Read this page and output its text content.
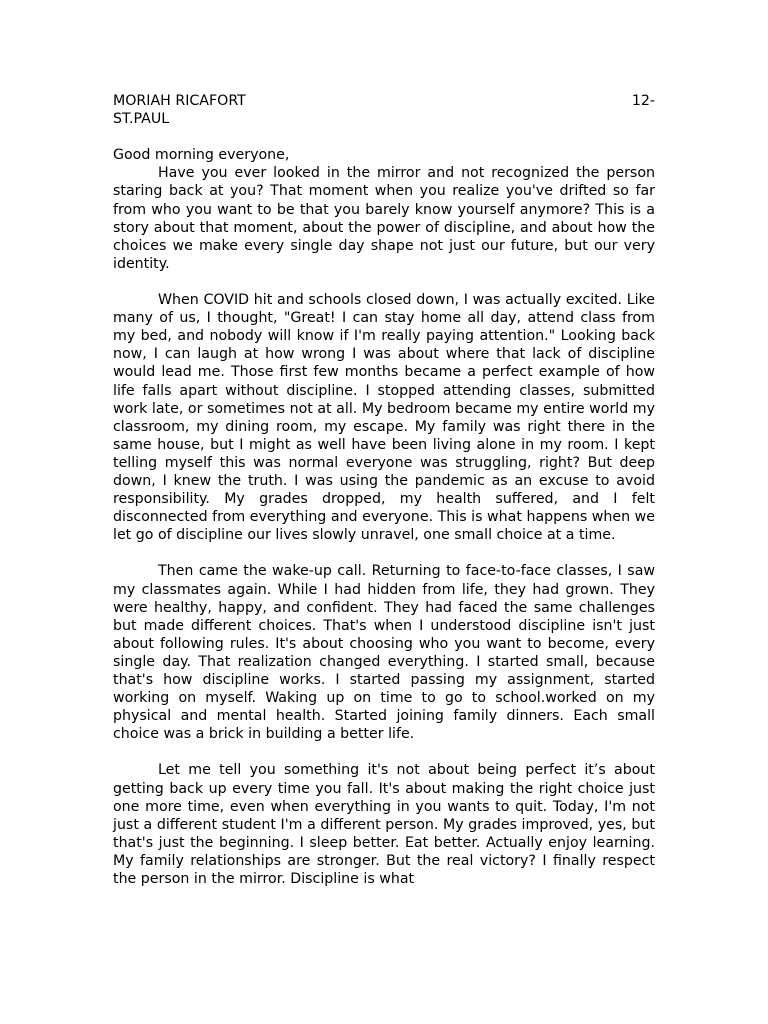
MORIAH RICAFORT	12-
ST.PAUL
Good morning everyone,

Have you ever looked in the mirror and not recognized the person staring back at you? That moment when you realize you've drifted so far from who you want to be that you barely know yourself anymore? This is a story about that moment, about the power of discipline, and about how the choices we make every single day shape not just our future, but our very identity.

When COVID hit and schools closed down, I was actually excited. Like many of us, I thought, "Great! I can stay home all day, attend class from my bed, and nobody will know if I'm really paying attention." Looking back now, I can laugh at how wrong I was about where that lack of discipline would lead me. Those first few months became a perfect example of how life falls apart without discipline. I stopped attending classes, submitted work late, or sometimes not at all. My bedroom became my entire world my classroom, my dining room, my escape. My family was right there in the same house, but I might as well have been living alone in my room. I kept telling myself this was normal everyone was struggling, right? But deep down, I knew the truth. I was using the pandemic as an excuse to avoid responsibility. My grades dropped, my health suffered, and I felt disconnected from everything and everyone. This is what happens when we let go of discipline our lives slowly unravel, one small choice at a time.

Then came the wake-up call. Returning to face-to-face classes, I saw my classmates again. While I had hidden from life, they had grown. They were healthy, happy, and confident. They had faced the same challenges but made different choices. That's when I understood discipline isn't just about following rules. It's about choosing who you want to become, every single day. That realization changed everything. I started small, because that's how discipline works. I started passing my assignment, started working on myself. Waking up on time to go to school.worked on my physical and mental health. Started joining family dinners. Each small choice was a brick in building a better life.

Let me tell you something it's not about being perfect it’s about getting back up every time you fall. It's about making the right choice just one more time, even when everything in you wants to quit. Today, I'm not just a different student I'm a different person. My grades improved, yes, but that's just the beginning. I sleep better. Eat better. Actually enjoy learning. My family relationships are stronger. But the real victory? I finally respect the person in the mirror. Discipline is what
